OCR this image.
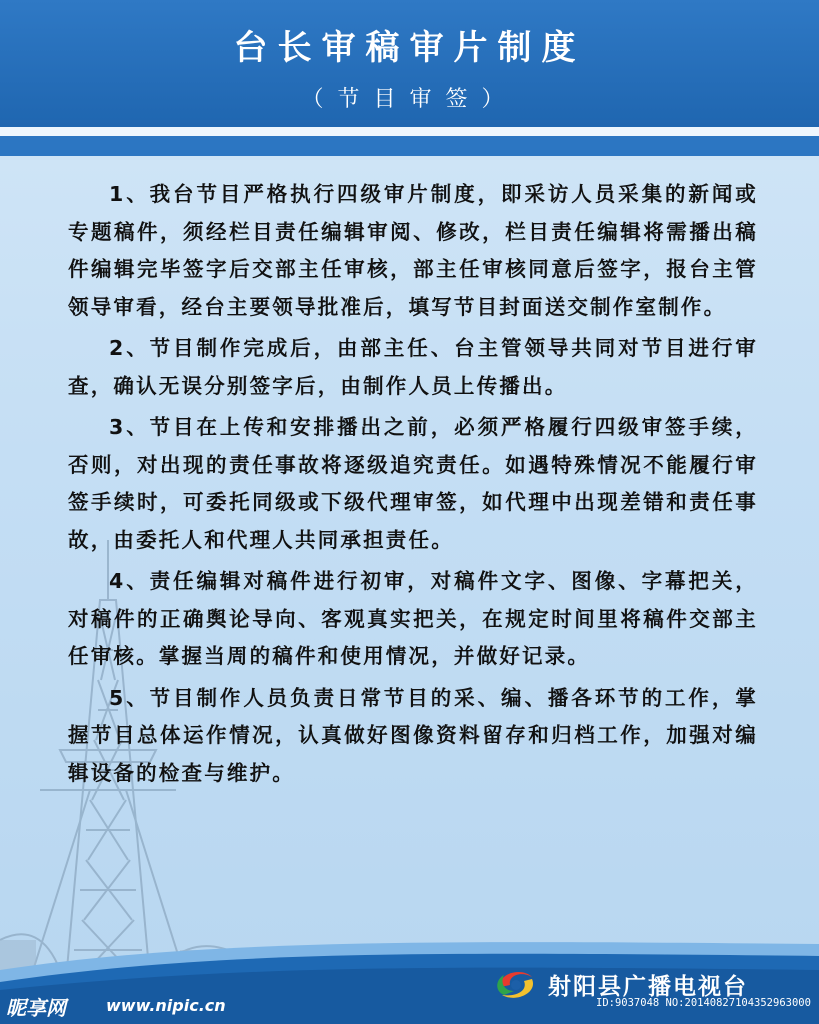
台长审稿审片制度
（节目审签）

1、我台节目严格执行四级审片制度，即采访人员采集的新闻或专题稿件，须经栏目责任编辑审阅、修改，栏目责任编辑将需播出稿件编辑完毕签字后交部主任审核，部主任审核同意后签字，报台主管领导审看，经台主要领导批准后，填写节目封面送交制作室制作。

2、节目制作完成后，由部主任、台主管领导共同对节目进行审查，确认无误分别签字后，由制作人员上传播出。

3、节目在上传和安排播出之前，必须严格履行四级审签手续，否则，对出现的责任事故将逐级追究责任。如遇特殊情况不能履行审签手续时，可委托同级或下级代理审签，如代理中出现差错和责任事故，由委托人和代理人共同承担责任。

4、责任编辑对稿件进行初审，对稿件文字、图像、字幕把关，对稿件的正确舆论导向、客观真实把关，在规定时间里将稿件交部主任审核。掌握当周的稿件和使用情况，并做好记录。

5、节目制作人员负责日常节目的采、编、播各环节的工作，掌握节目总体运作情况，认真做好图像资料留存和归档工作，加强对编辑设备的检查与维护。

射阳县广播电视台
昵享网	www.nipic.cn	ID:9037048 NO:20140827104352963000
